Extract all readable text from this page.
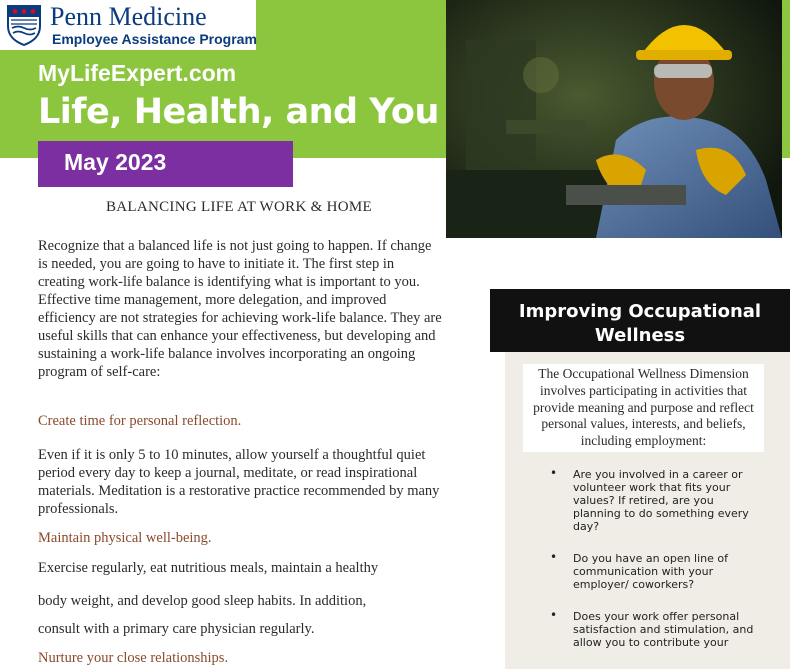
Penn Medicine
Employee Assistance Program
MyLifeExpert.com
Life, Health, and You
May 2023
BALANCING LIFE AT WORK & HOME
Recognize that a balanced life is not just going to happen. If change is needed, you are going to have to initiate it. The first step in creating work-life balance is identifying what is important to you. Effective time management, more delegation, and improved efficiency are not strategies for achieving work-life balance. They are useful skills that can enhance your effectiveness, but developing and sustaining a work-life balance involves incorporating an ongoing program of self-care:
Create time for personal reflection.
Even if it is only 5 to 10 minutes, allow yourself a thoughtful quiet period every day to keep a journal, meditate, or read inspirational materials. Meditation is a restorative practice recommended by many professionals.
Maintain physical well-being.
Exercise regularly, eat nutritious meals, maintain a healthy
body weight, and develop good sleep habits. In addition,
consult with a primary care physician regularly.
Nurture your close relationships.
Improving Occupational
Wellness
The Occupational Wellness Dimension involves participating in activities that provide meaning and purpose and reflect personal values, interests, and beliefs, including employment:
• Are you involved in a career or volunteer work that fits your values? If retired, are you planning to do something every day?
• Do you have an open line of communication with your employer/ coworkers?
• Does your work offer personal satisfaction and stimulation, and allow you to contribute your
